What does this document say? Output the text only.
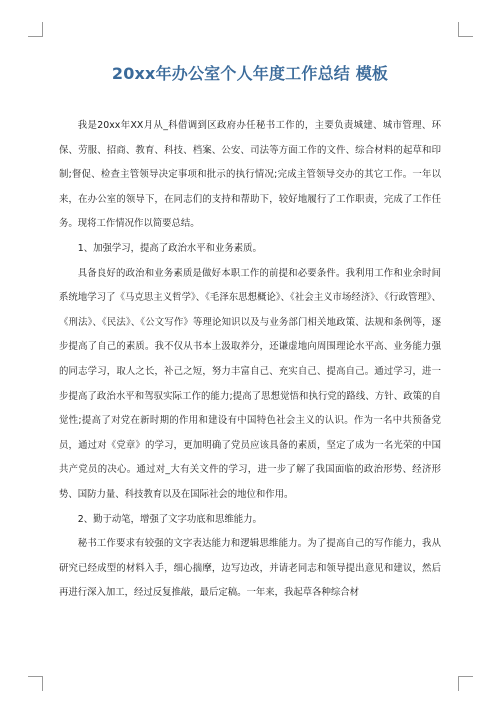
20xx年办公室个人年度工作总结 模板

我是20xx年XX月从_科借调到区政府办任秘书工作的，主要负责城建、城市管理、环保、劳服、招商、教育、科技、档案、公安、司法等方面工作的文件、综合材料的起草和印制;督促、检查主管领导决定事项和批示的执行情况;完成主管领导交办的其它工作。一年以来，在办公室的领导下，在同志们的支持和帮助下，较好地履行了工作职责，完成了工作任务。现将工作情况作以简要总结。

1、加强学习，提高了政治水平和业务素质。

具备良好的政治和业务素质是做好本职工作的前提和必要条件。我利用工作和业余时间系统地学习了《马克思主义哲学》、《毛泽东思想概论》、《社会主义市场经济》、《行政管理》、《刑法》、《民法》、《公文写作》等理论知识以及与业务部门相关地政策、法规和条例等，逐步提高了自己的素质。我不仅从书本上汲取养分，还谦虚地向周围理论水平高、业务能力强的同志学习，取人之长，补己之短，努力丰富自己、充实自己、提高自己。通过学习，进一步提高了政治水平和驾驭实际工作的能力;提高了思想觉悟和执行党的路线、方针、政策的自觉性;提高了对党在新时期的作用和建设有中国特色社会主义的认识。作为一名中共预备党员，通过对《党章》的学习，更加明确了党员应该具备的素质，坚定了成为一名光荣的中国共产党员的决心。通过对_大有关文件的学习，进一步了解了我国面临的政治形势、经济形势、国防力量、科技教育以及在国际社会的地位和作用。

2、勤于动笔，增强了文字功底和思维能力。

秘书工作要求有较强的文字表达能力和逻辑思维能力。为了提高自己的写作能力，我从研究已经成型的材料入手，细心揣摩，边写边改，并请老同志和领导提出意见和建议，然后再进行深入加工，经过反复推敲，最后定稿。一年来，我起草各种综合材
